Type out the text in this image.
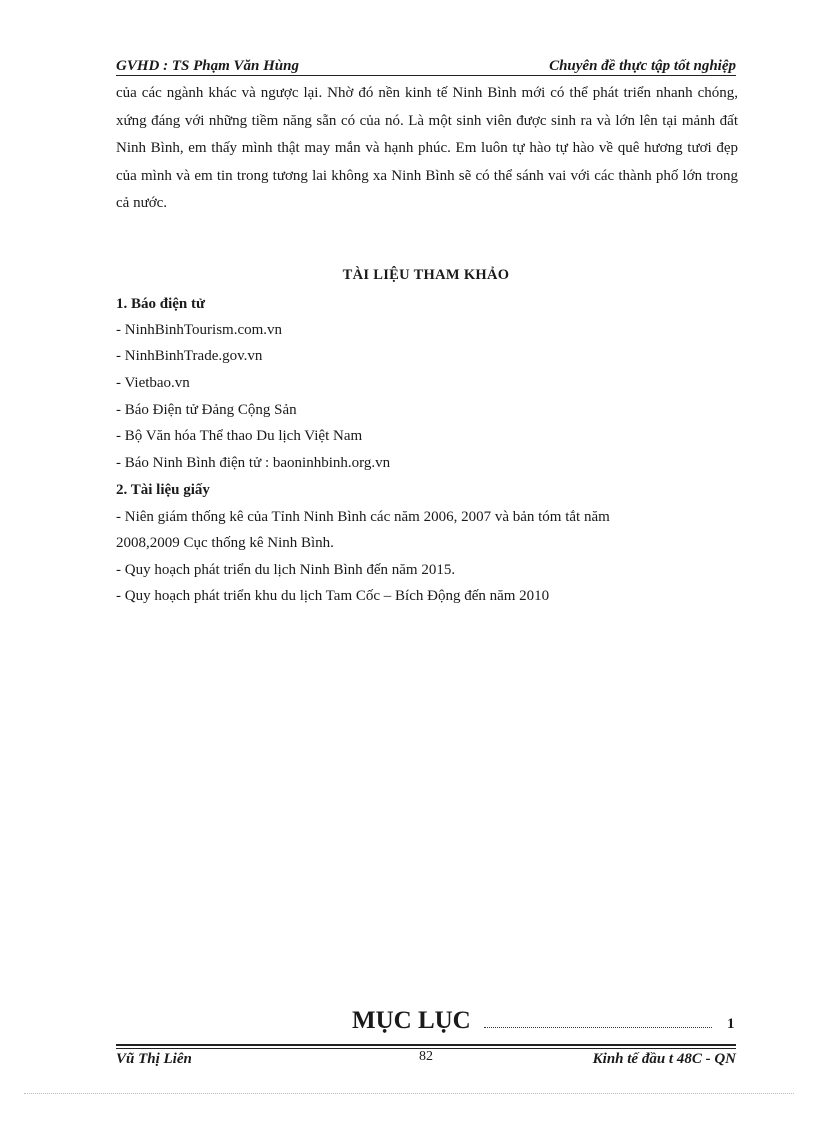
GVHD : TS Phạm Văn Hùng	Chuyên đề thực tập tốt nghiệp

của các ngành khác và ngược lại. Nhờ đó nền kinh tế Ninh Bình mới có thể phát triển nhanh chóng, xứng đáng với những tiềm năng sẵn có của nó. Là một sinh viên được sinh ra và lớn lên tại mảnh đất Ninh Bình, em thấy mình thật may mắn và hạnh phúc. Em luôn tự hào tự hào về quê hương tươi đẹp của mình và em tin trong tương lai không xa Ninh Bình sẽ có thể sánh vai với các thành phố lớn trong cả nước.

TÀI LIỆU THAM KHẢO
1. Báo điện tử
- NinhBinhTourism.com.vn
- NinhBinhTrade.gov.vn
- Vietbao.vn
- Báo Điện tử Đảng Cộng Sản
- Bộ Văn hóa Thể thao Du lịch Việt Nam
- Báo Ninh Bình điện tử : baoninhbinh.org.vn
2. Tài liệu giấy
- Niên giám thống kê của Tỉnh Ninh Bình các năm 2006, 2007 và bản tóm tắt năm
2008,2009 Cục thống kê Ninh Bình.
- Quy hoạch phát triển du lịch Ninh Bình đến năm 2015.
- Quy hoạch phát triển khu du lịch Tam Cốc – Bích Động đến năm 2010
MỤC LỤC	1
Vũ Thị Liên	82	Kinh tế đầu t 48C - QN
